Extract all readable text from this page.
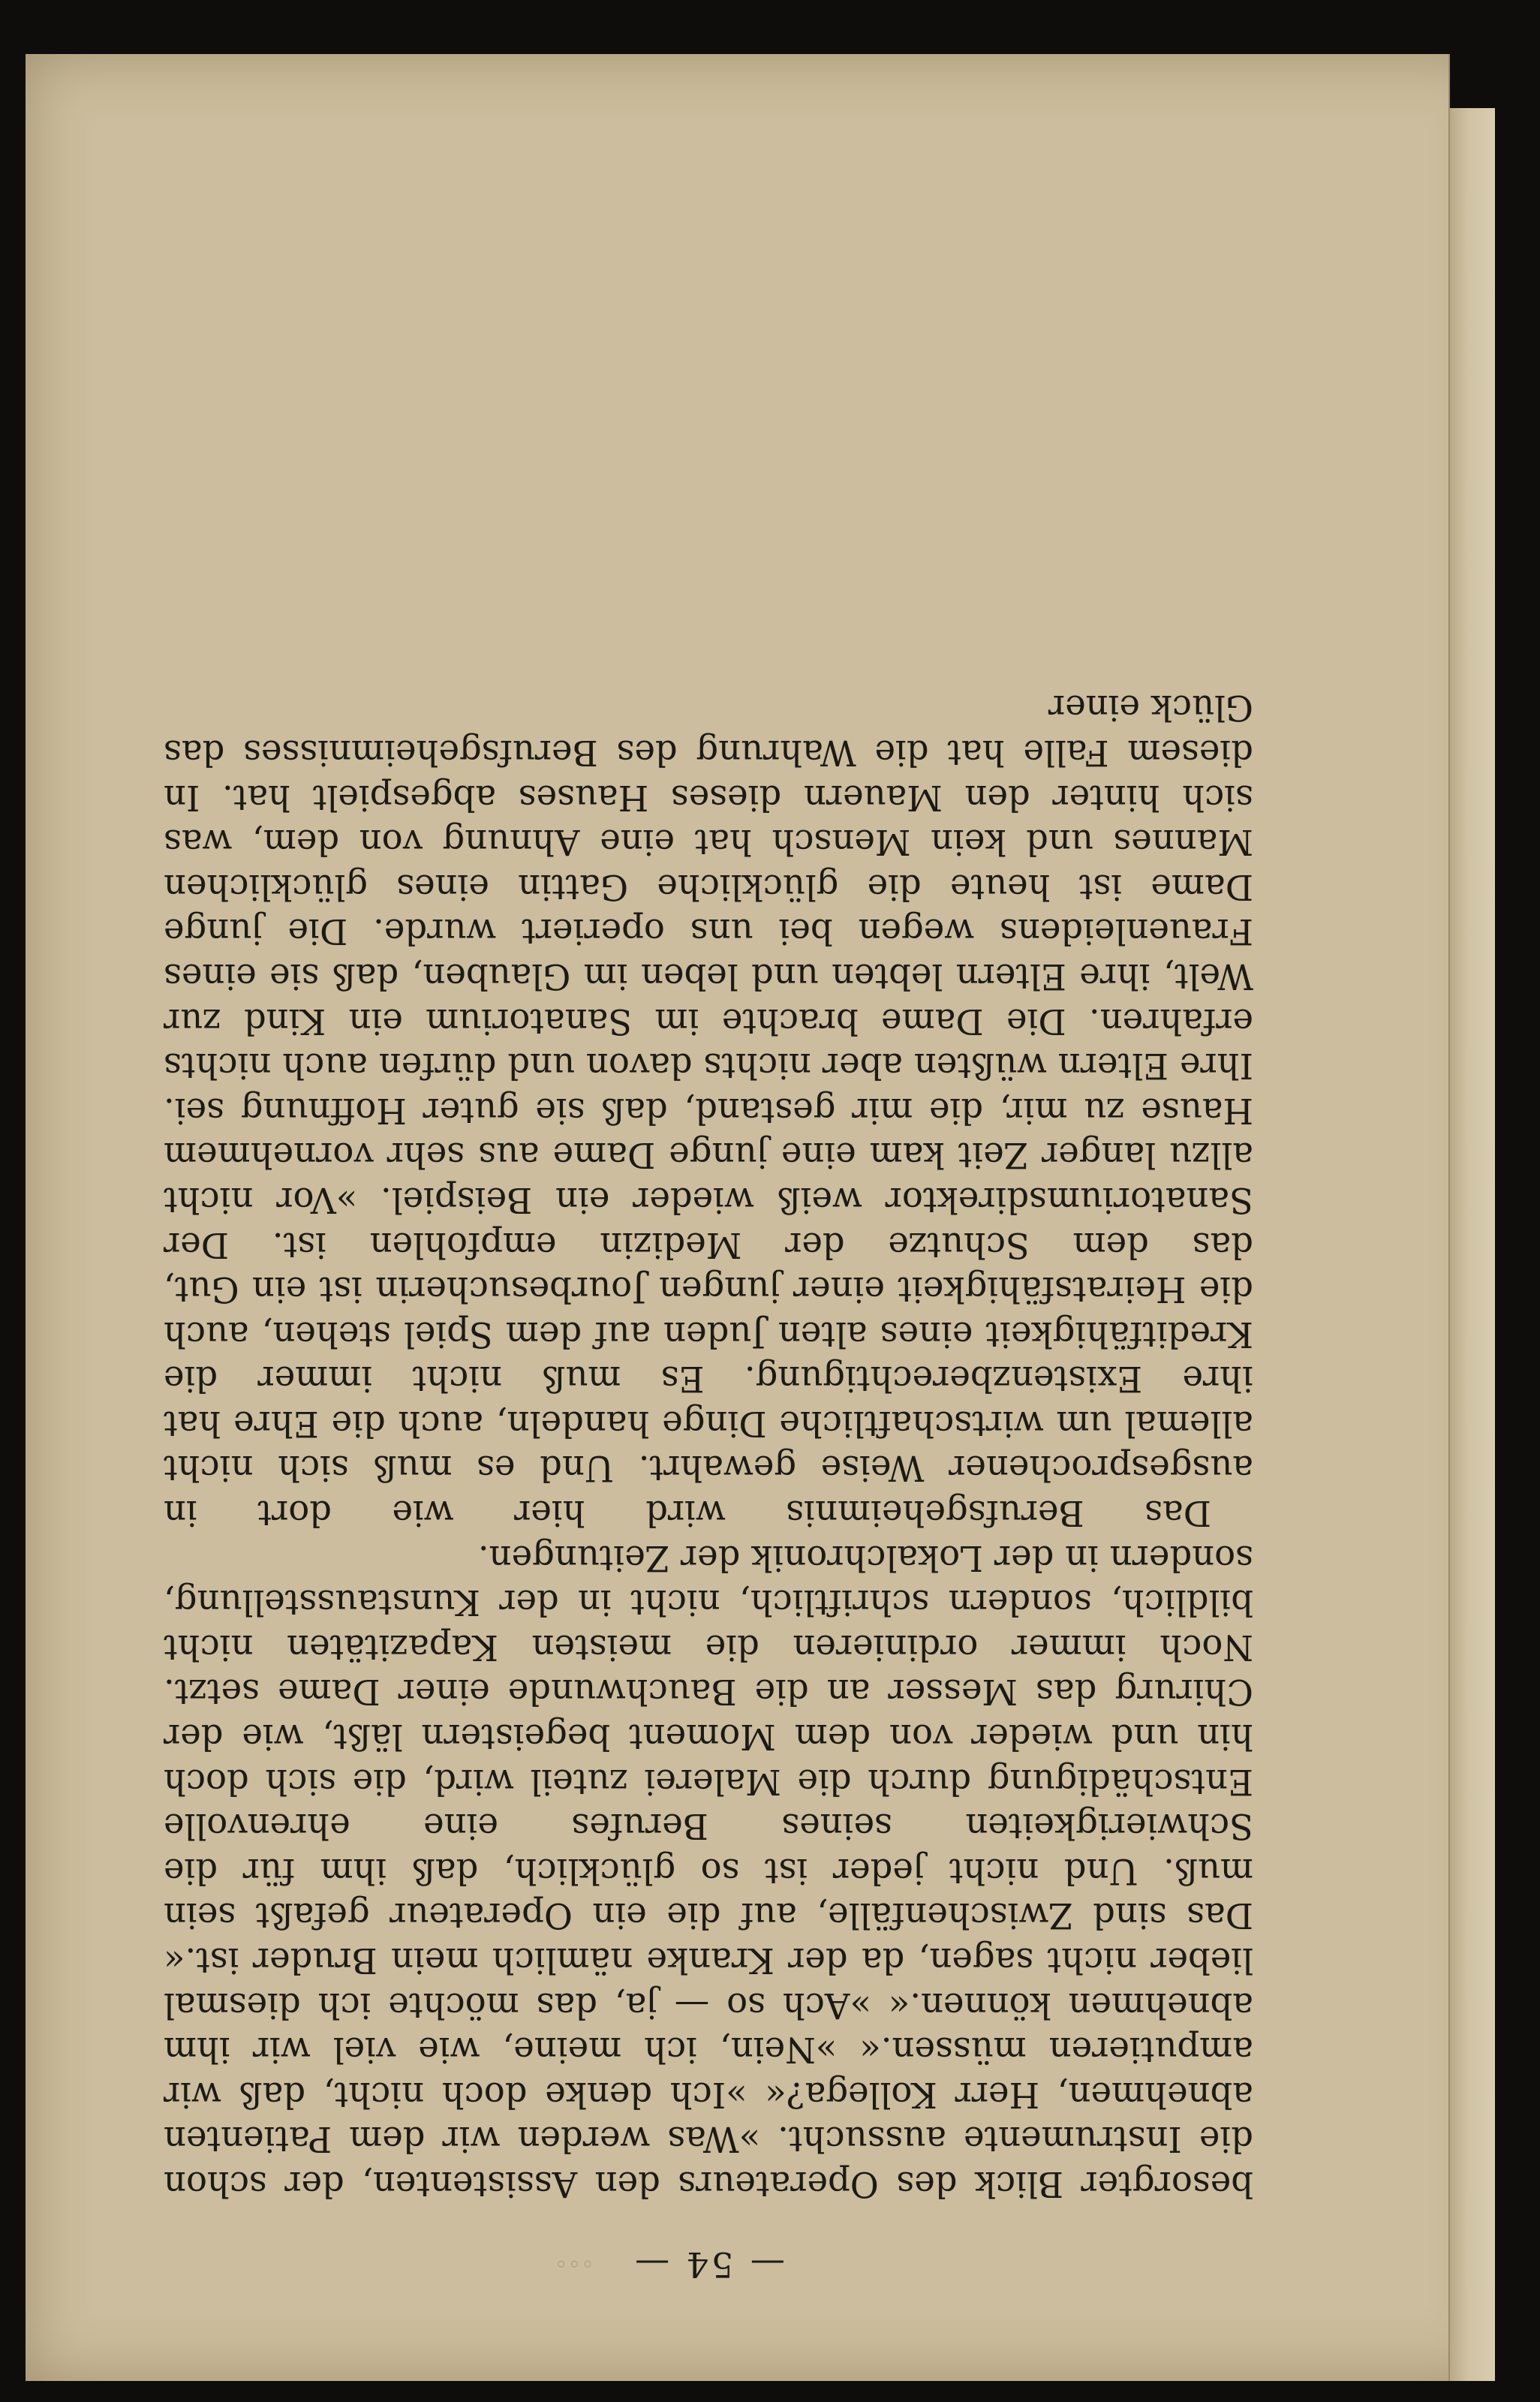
— 54 —
◦◦◦

besorgter Blick des Operateurs den Assistenten, der schon die Instrumente aussucht. »Was werden wir dem Patienten abnehmen, Herr Kollega?« »Ich denke doch nicht, daß wir amputieren müssen.« »Nein, ich meine, wie viel wir ihm abnehmen können.« »Ach so — ja, das möchte ich diesmal lieber nicht sagen, da der Kranke nämlich mein Bruder ist.« Das sind Zwischenfälle, auf die ein Operateur gefaßt sein muß. Und nicht jeder ist so glücklich, daß ihm für die Schwierigkeiten seines Berufes eine ehrenvolle Entschädigung durch die Malerei zuteil wird, die sich doch hin und wieder von dem Moment begeistern läßt, wie der Chirurg das Messer an die Bauchwunde einer Dame setzt. Noch immer ordinieren die meisten Kapazitäten nicht bildlich, sondern schriftlich, nicht in der Kunstausstellung, sondern in der Lokalchronik der Zeitungen.

Das Berufsgeheimnis wird hier wie dort in ausgesprochener Weise gewahrt. Und es muß sich nicht allemal um wirtschaftliche Dinge handeln, auch die Ehre hat ihre Existenzberechtigung. Es muß nicht immer die Kreditfähigkeit eines alten Juden auf dem Spiel stehen, auch die Heiratsfähigkeit einer jungen Jourbesucherin ist ein Gut, das dem Schutze der Medizin empfohlen ist. Der Sanatoriumsdirektor weiß wieder ein Beispiel. »Vor nicht allzu langer Zeit kam eine junge Dame aus sehr vornehmem Hause zu mir, die mir gestand, daß sie guter Hoffnung sei. Ihre Eltern wüßten aber nichts davon und dürfen auch nichts erfahren. Die Dame brachte im Sanatorium ein Kind zur Welt, ihre Eltern lebten und leben im Glauben, daß sie eines Frauenleidens wegen bei uns operiert wurde. Die junge Dame ist heute die glückliche Gattin eines glücklichen Mannes und kein Mensch hat eine Ahnung von dem, was sich hinter den Mauern dieses Hauses abgespielt hat. In diesem Falle hat die Wahrung des Berufsgeheimnisses das Glück einer
